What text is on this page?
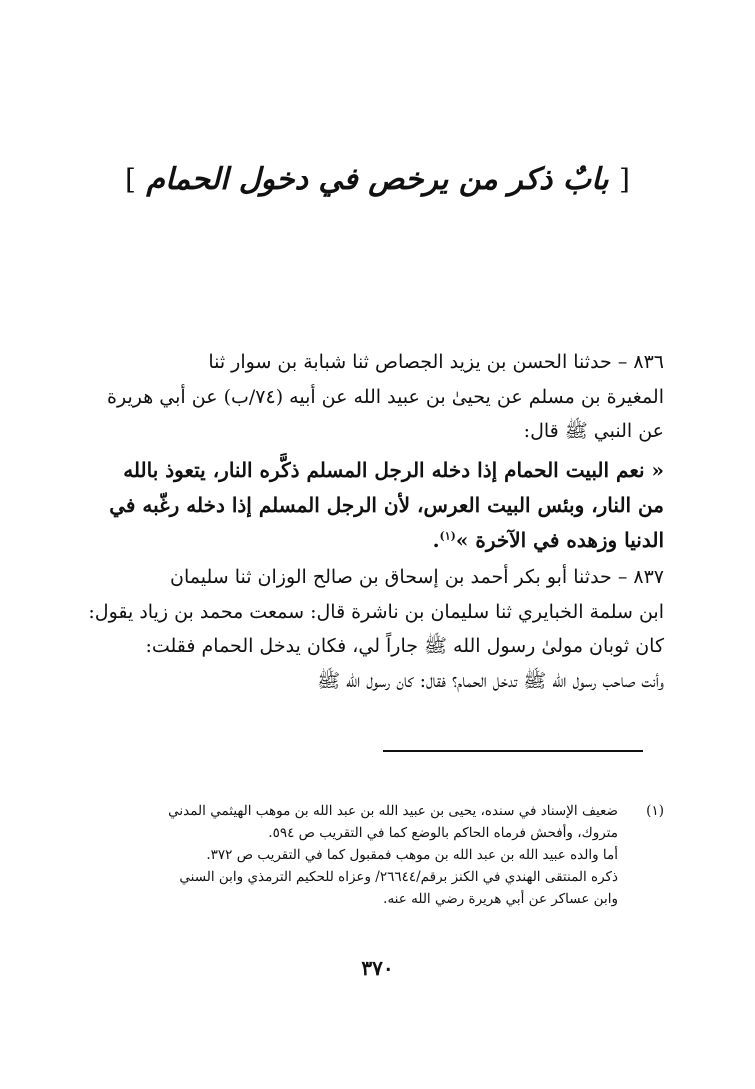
[ بابٌ ذكر من يرخص في دخول الحمام ]

٨٣٦ – حدثنا الحسن بن يزيد الجصاص ثنا شبابة بن سوار ثنا

المغيرة بن مسلم عن يحيىٰ بن عبيد الله عن أبيه (٧٤/ب) عن أبي هريرة

عن النبي ﷺ قال:

« نعم البيت الحمام إذا دخله الرجل المسلم ذكَّره النار، يتعوذ بالله

من النار، وبئس البيت العرس، لأن الرجل المسلم إذا دخله رغّبه في

الدنيا وزهده في الآخرة »$^{(١)}$.

٨٣٧ – حدثنا أبو بكر أحمد بن إسحاق بن صالح الوزان ثنا سليمان

ابن سلمة الخبايري ثنا سليمان بن ناشرة قال: سمعت محمد بن زياد يقول:

كان ثوبان مولىٰ رسول الله ﷺ جاراً لي، فكان يدخل الحمام فقلت:

وأنت صاحب رسول الله ﷺ تدخل الحمام؟ فقال: كان رسول الله ﷺ

(١)
ضعيف الإسناد في سنده، يحيى بن عبيد الله بن عبد الله بن موهب الهيثمي المدني
متروك، وأفحش فرماه الحاكم بالوضع كما في التقريب ص ٥٩٤.
أما والده عبيد الله بن عبد الله بن موهب فمقبول كما في التقريب ص ٣٧٢.
ذكره المنتقى الهندي في الكنز برقم/٢٦٦٤٤/ وعزاه للحكيم الترمذي وابن السني
وابن عساكر عن أبي هريرة رضي الله عنه.
٣٧٠
